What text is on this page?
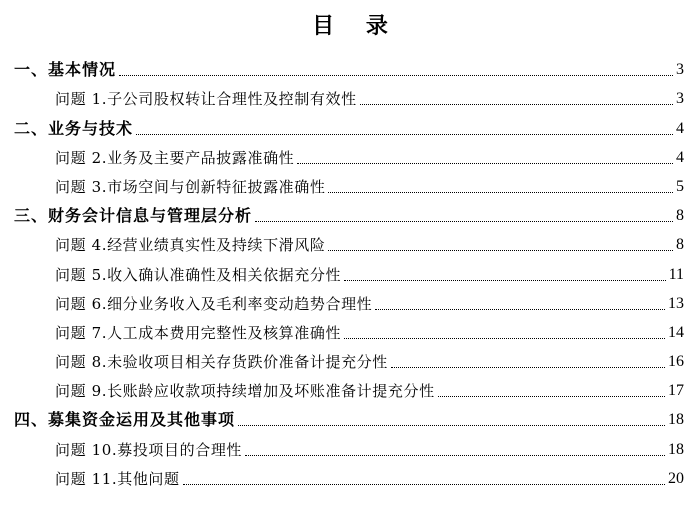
目 录
一、基本情况	3
问题 1.子公司股权转让合理性及控制有效性	3
二、业务与技术	4
问题 2.业务及主要产品披露准确性	4
问题 3.市场空间与创新特征披露准确性	5
三、财务会计信息与管理层分析	8
问题 4.经营业绩真实性及持续下滑风险	8
问题 5.收入确认准确性及相关依据充分性	11
问题 6.细分业务收入及毛利率变动趋势合理性	13
问题 7.人工成本费用完整性及核算准确性	14
问题 8.未验收项目相关存货跌价准备计提充分性	16
问题 9.长账龄应收款项持续增加及坏账准备计提充分性	17
四、募集资金运用及其他事项	18
问题 10.募投项目的合理性	18
问题 11.其他问题	20
